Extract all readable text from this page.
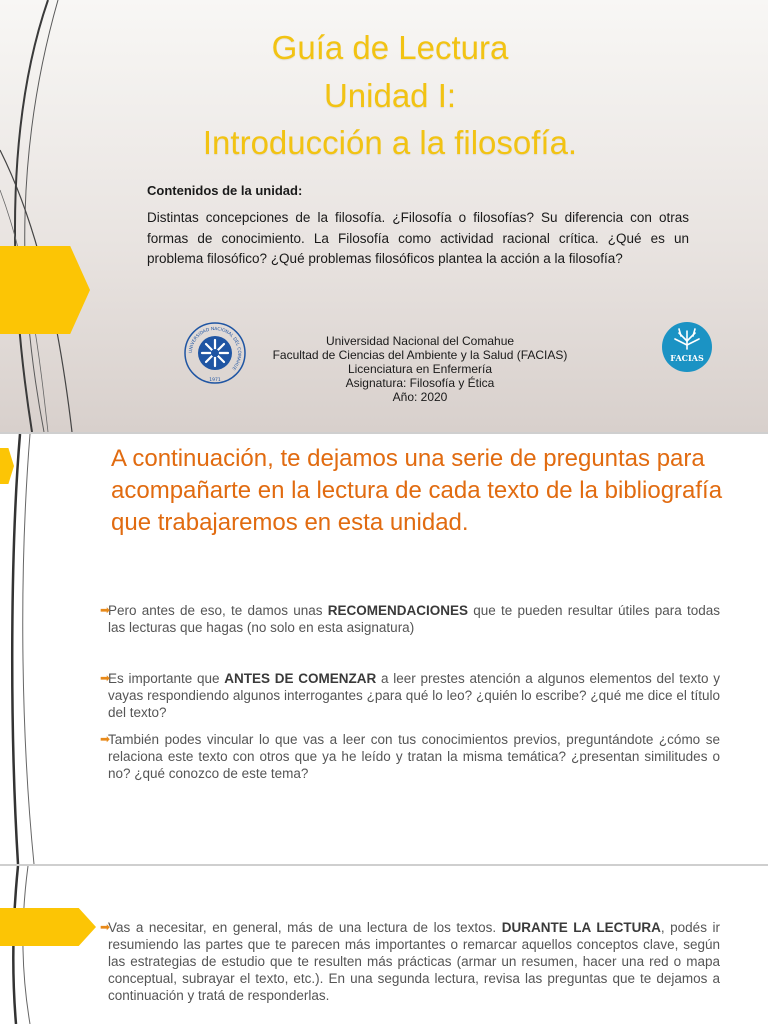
Guía de Lectura
Unidad I:
Introducción a la filosofía.
Contenidos de la unidad:

Distintas concepciones de la filosofía. ¿Filosofía o filosofías? Su diferencia con otras formas de conocimiento. La Filosofía como actividad racional crítica. ¿Qué es un problema filosófico? ¿Qué problemas filosóficos plantea la acción a la filosofía?

UNIVERSIDAD NACIONAL DEL COMAHUE
1971
Universidad Nacional del Comahue
Facultad de Ciencias del Ambiente y la Salud (FACIAS)
Licenciatura en Enfermería
Asignatura: Filosofía y Ética
Año: 2020
FACIAS
A continuación, te dejamos una serie de preguntas para acompañarte en la lectura de cada texto de la bibliografía que trabajaremos en esta unidad.
➡
Pero antes de eso, te damos unas RECOMENDACIONES que te pueden resultar útiles para todas las lecturas que hagas (no solo en esta asignatura)
➡
Es importante que ANTES DE COMENZAR a leer prestes atención a algunos elementos del texto y vayas respondiendo algunos interrogantes ¿para qué lo leo? ¿quién lo escribe? ¿qué me dice el título del texto?
➡
También podes vincular lo que vas a leer con tus conocimientos previos, preguntándote ¿cómo se relaciona este texto con otros que ya he leído y tratan la misma temática? ¿presentan similitudes o no? ¿qué conozco de este tema?
➡
Vas a necesitar, en general, más de una lectura de los textos. DURANTE LA LECTURA, podés ir resumiendo las partes que te parecen más importantes o remarcar aquellos conceptos clave, según las estrategias de estudio que te resulten más prácticas (armar un resumen, hacer una red o mapa conceptual, subrayar el texto, etc.). En una segunda lectura, revisa las preguntas que te dejamos a continuación y tratá de responderlas.
